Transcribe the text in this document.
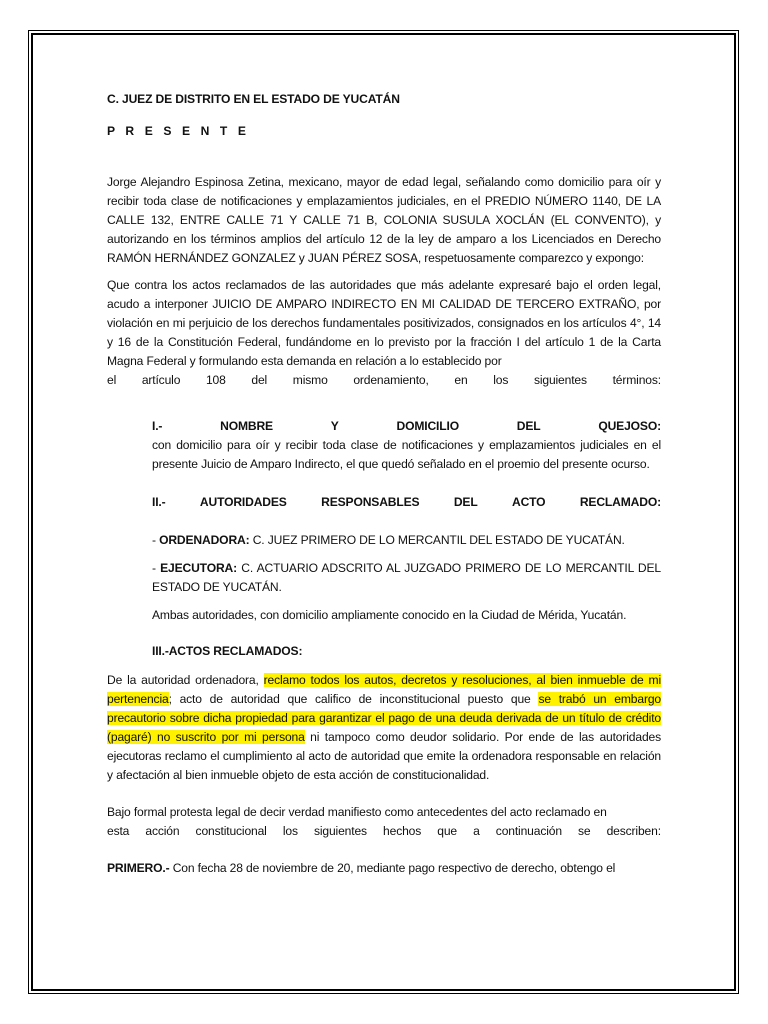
C. JUEZ DE DISTRITO EN EL ESTADO DE YUCATÁN

P R E S E N T E

Jorge Alejandro Espinosa Zetina, mexicano, mayor de edad legal, señalando como domicilio para oír y recibir toda clase de notificaciones y emplazamientos judiciales, en el PREDIO NÚMERO 1140, DE LA CALLE 132, ENTRE CALLE 71 Y CALLE 71 B, COLONIA SUSULA XOCLÁN (EL CONVENTO), y autorizando en los términos amplios del artículo 12 de la ley de amparo a los Licenciados en Derecho RAMÓN HERNÁNDEZ GONZALEZ y JUAN PÉREZ SOSA, respetuosamente comparezco y expongo:

Que contra los actos reclamados de las autoridades que más adelante expresaré bajo el orden legal, acudo a interponer JUICIO DE AMPARO INDIRECTO EN MI CALIDAD DE TERCERO EXTRAÑO, por violación en mi perjuicio de los derechos fundamentales positivizados, consignados en los artículos 4°, 14 y 16 de la Constitución Federal, fundándome en lo previsto por la fracción I del artículo 1 de la Carta Magna Federal y formulando esta demanda en relación a lo establecido por

el artículo 108 del mismo ordenamiento, en los siguientes términos:
I.-	NOMBRE	Y	DOMICILIO	DEL	QUEJOSO:

con domicilio para oír y recibir toda clase de notificaciones y emplazamientos judiciales en el presente Juicio de Amparo Indirecto, el que quedó señalado en el proemio del presente ocurso.

II.-	AUTORIDADES	RESPONSABLES	DEL	ACTO	RECLAMADO:

- ORDENADORA: C. JUEZ PRIMERO DE LO MERCANTIL DEL ESTADO DE YUCATÁN.

- EJECUTORA: C. ACTUARIO ADSCRITO AL JUZGADO PRIMERO DE LO MERCANTIL DEL ESTADO DE YUCATÁN.

Ambas autoridades, con domicilio ampliamente conocido en la Ciudad de Mérida, Yucatán.

III.-ACTOS RECLAMADOS:

De la autoridad ordenadora, reclamo todos los autos, decretos y resoluciones, al bien inmueble de mi pertenencia; acto de autoridad que califico de inconstitucional puesto que se trabó un embargo precautorio sobre dicha propiedad para garantizar el pago de una deuda derivada de un título de crédito (pagaré) no suscrito por mi persona ni tampoco como deudor solidario. Por ende de las autoridades ejecutoras reclamo el cumplimiento al acto de autoridad que emite la ordenadora responsable en relación y afectación al bien inmueble objeto de esta acción de constitucionalidad.

Bajo formal protesta legal de decir verdad manifiesto como antecedentes del acto reclamado en

esta acción constitucional los siguientes hechos que a continuación se describen:

PRIMERO.- Con fecha 28 de noviembre de 20, mediante pago respectivo de derecho, obtengo el
